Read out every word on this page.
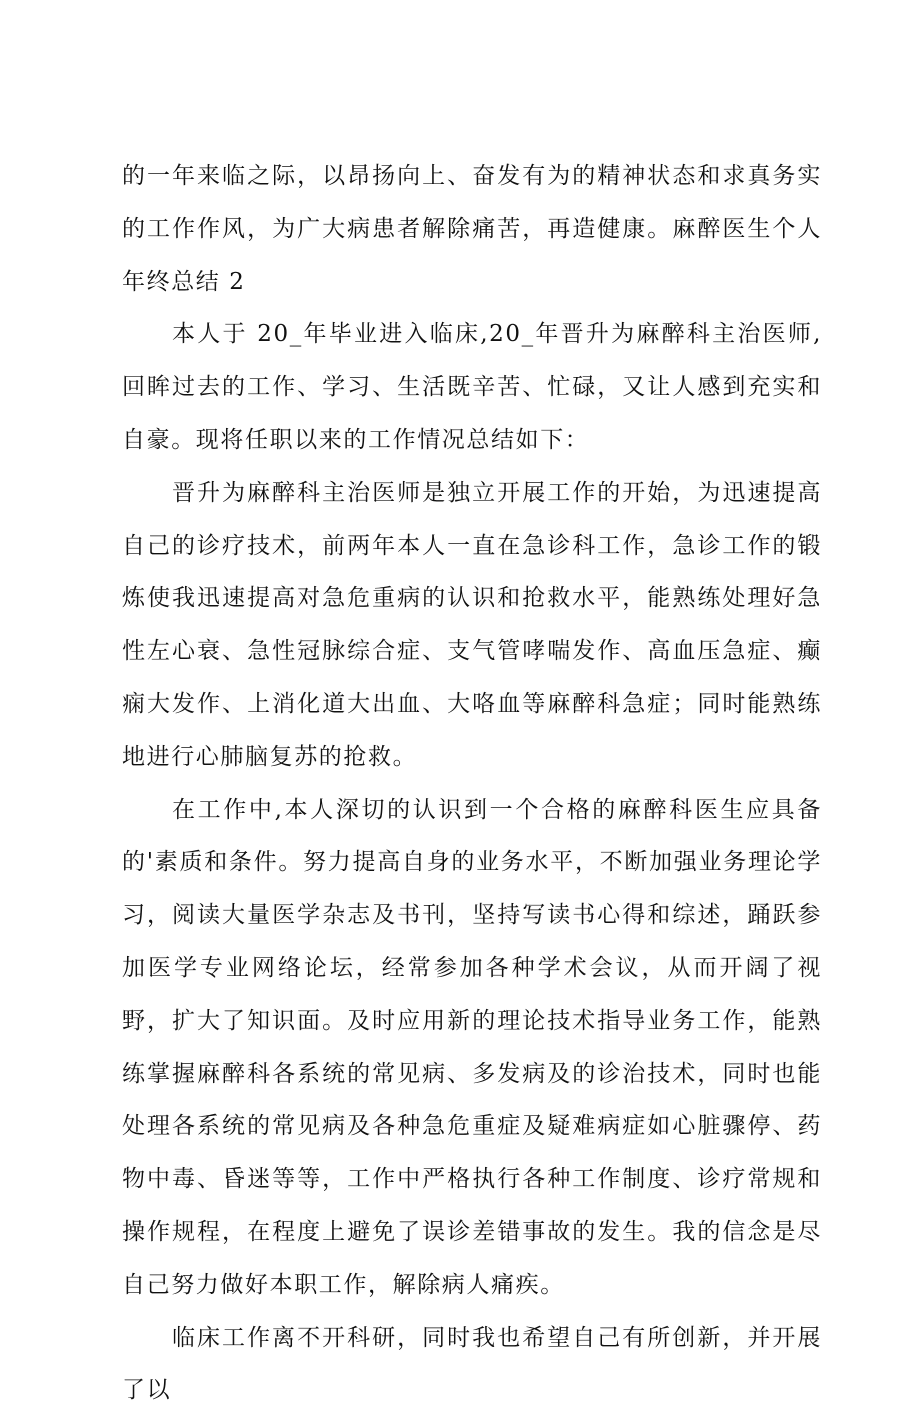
的一年来临之际，以昂扬向上、奋发有为的精神状态和求真务实的工作作风，为广大病患者解除痛苦，再造健康。麻醉医生个人年终总结 2

本人于 20_年毕业进入临床,20_年晋升为麻醉科主治医师,回眸过去的工作、学习、生活既辛苦、忙碌，又让人感到充实和自豪。现将任职以来的工作情况总结如下：

晋升为麻醉科主治医师是独立开展工作的开始，为迅速提高自己的诊疗技术，前两年本人一直在急诊科工作，急诊工作的锻炼使我迅速提高对急危重病的认识和抢救水平，能熟练处理好急性左心衰、急性冠脉综合症、支气管哮喘发作、高血压急症、癫痫大发作、上消化道大出血、大咯血等麻醉科急症；同时能熟练地进行心肺脑复苏的抢救。

在工作中,本人深切的认识到一个合格的麻醉科医生应具备的'素质和条件。努力提高自身的业务水平，不断加强业务理论学习，阅读大量医学杂志及书刊，坚持写读书心得和综述，踊跃参加医学专业网络论坛，经常参加各种学术会议，从而开阔了视野，扩大了知识面。及时应用新的理论技术指导业务工作，能熟练掌握麻醉科各系统的常见病、多发病及的诊治技术，同时也能处理各系统的常见病及各种急危重症及疑难病症如心脏骤停、药物中毒、昏迷等等，工作中严格执行各种工作制度、诊疗常规和操作规程，在程度上避免了误诊差错事故的发生。我的信念是尽自己努力做好本职工作，解除病人痛疾。

临床工作离不开科研，同时我也希望自己有所创新，并开展了以
